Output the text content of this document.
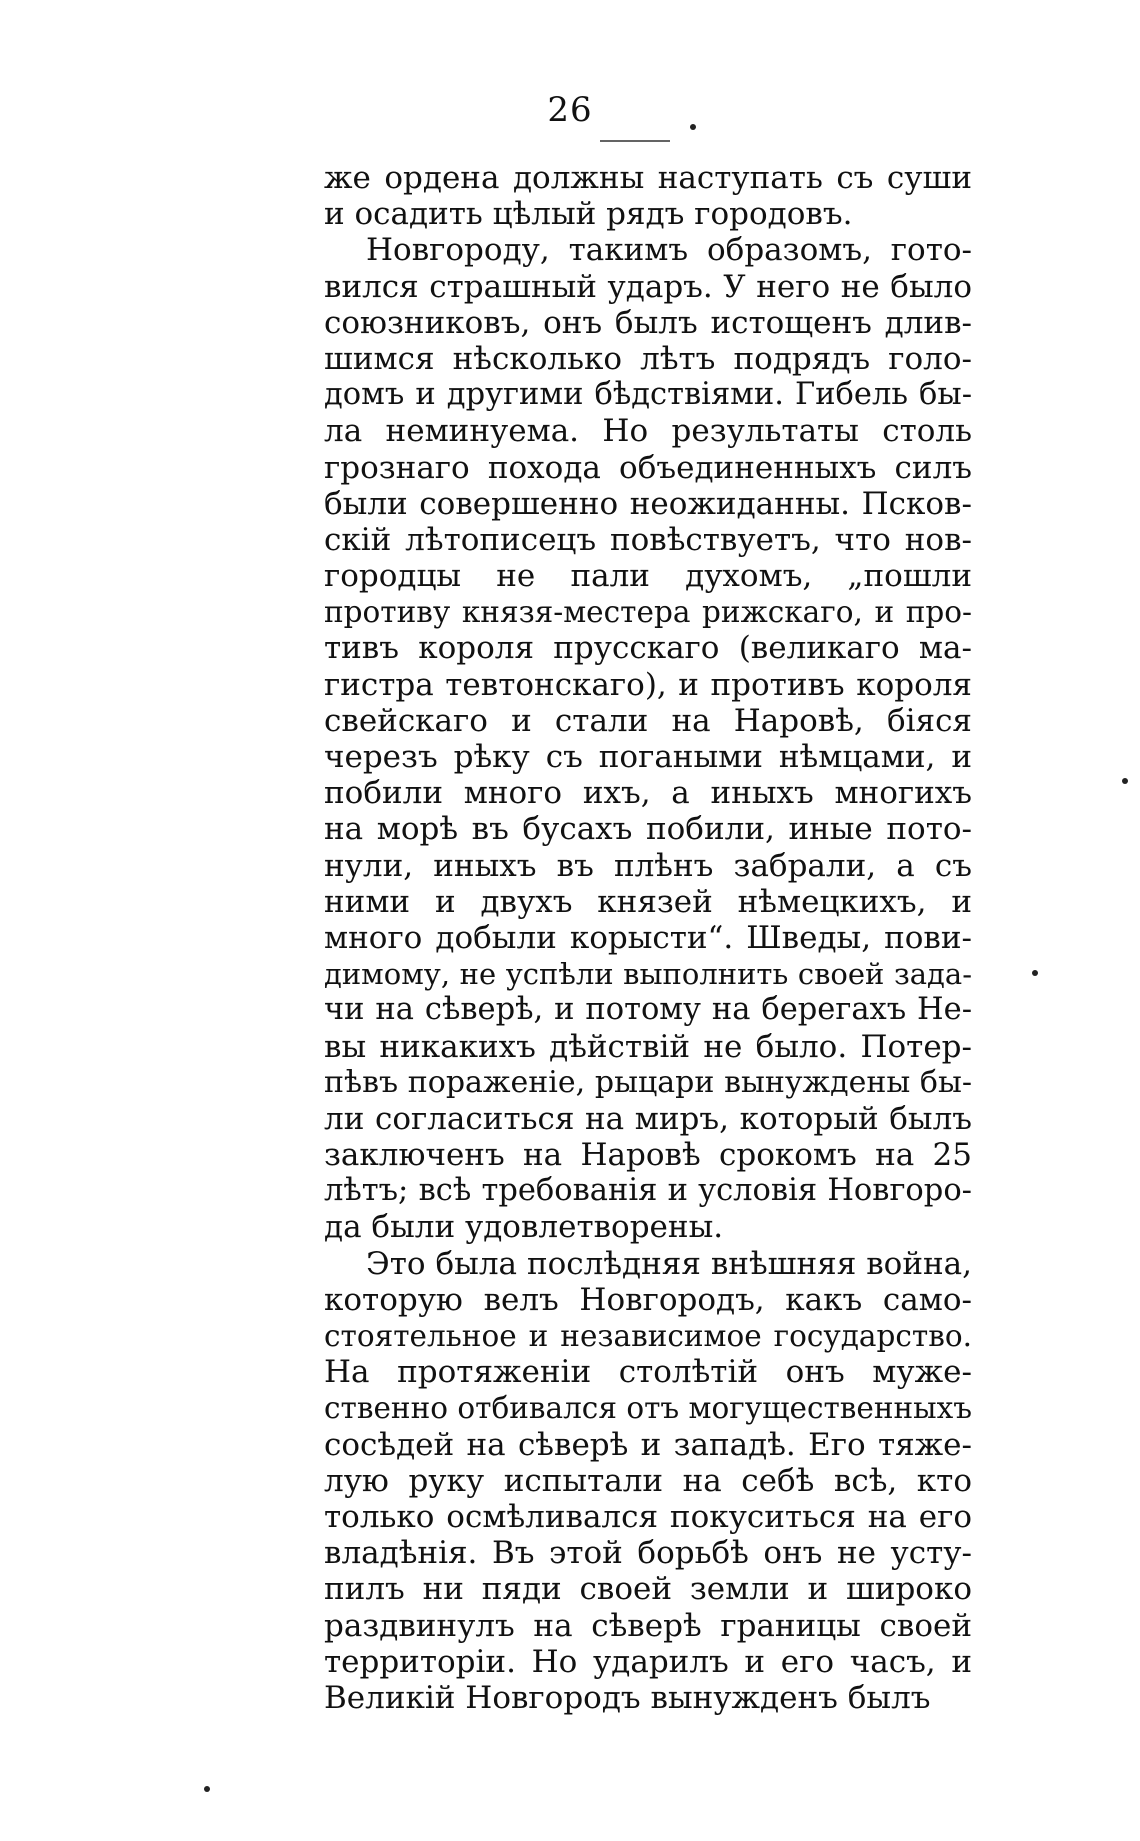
26
же ордена должны наступать съ суши
и осадить цѣлый рядъ городовъ.
Новгороду, такимъ образомъ, гото-
вился страшный ударъ. У него не было
союзниковъ, онъ былъ истощенъ длив-
шимся нѣсколько лѣтъ подрядъ голо-
домъ и другими бѣдствіями. Гибель бы-
ла неминуема. Но результаты столь
грознаго похода объединенныхъ силъ
были совершенно неожиданны. Псков-
скій лѣтописецъ повѣствуетъ, что нов-
городцы не пали духомъ, „пошли
противу князя-местера рижскаго, и про-
тивъ короля прусскаго (великаго ма-
гистра тевтонскаго), и противъ короля
свейскаго и стали на Наровѣ, біяся
черезъ рѣку съ погаными нѣмцами, и
побили много ихъ, а иныхъ многихъ
на морѣ въ бусахъ побили, иные пото-
нули, иныхъ въ плѣнъ забрали, а съ
ними и двухъ князей нѣмецкихъ, и
много добыли корысти“. Шведы, пови-
димому, не успѣли выполнить своей зада-
чи на сѣверѣ, и потому на берегахъ Не-
вы никакихъ дѣйствій не было. Потер-
пѣвъ пораженіе, рыцари вынуждены бы-
ли согласиться на миръ, который былъ
заключенъ на Наровѣ срокомъ на 25
лѣтъ; всѣ требованія и условія Новгоро-
да были удовлетворены.
Это была послѣдняя внѣшняя война,
которую велъ Новгородъ, какъ само-
стоятельное и независимое государство.
На протяженіи столѣтій онъ муже-
ственно отбивался отъ могущественныхъ
сосѣдей на сѣверѣ и западѣ. Его тяже-
лую руку испытали на себѣ всѣ, кто
только осмѣливался покуситься на его
владѣнія. Въ этой борьбѣ онъ не усту-
пилъ ни пяди своей земли и широко
раздвинулъ на сѣверѣ границы своей
территоріи. Но ударилъ и его часъ, и
Великій Новгородъ вынужденъ былъ
